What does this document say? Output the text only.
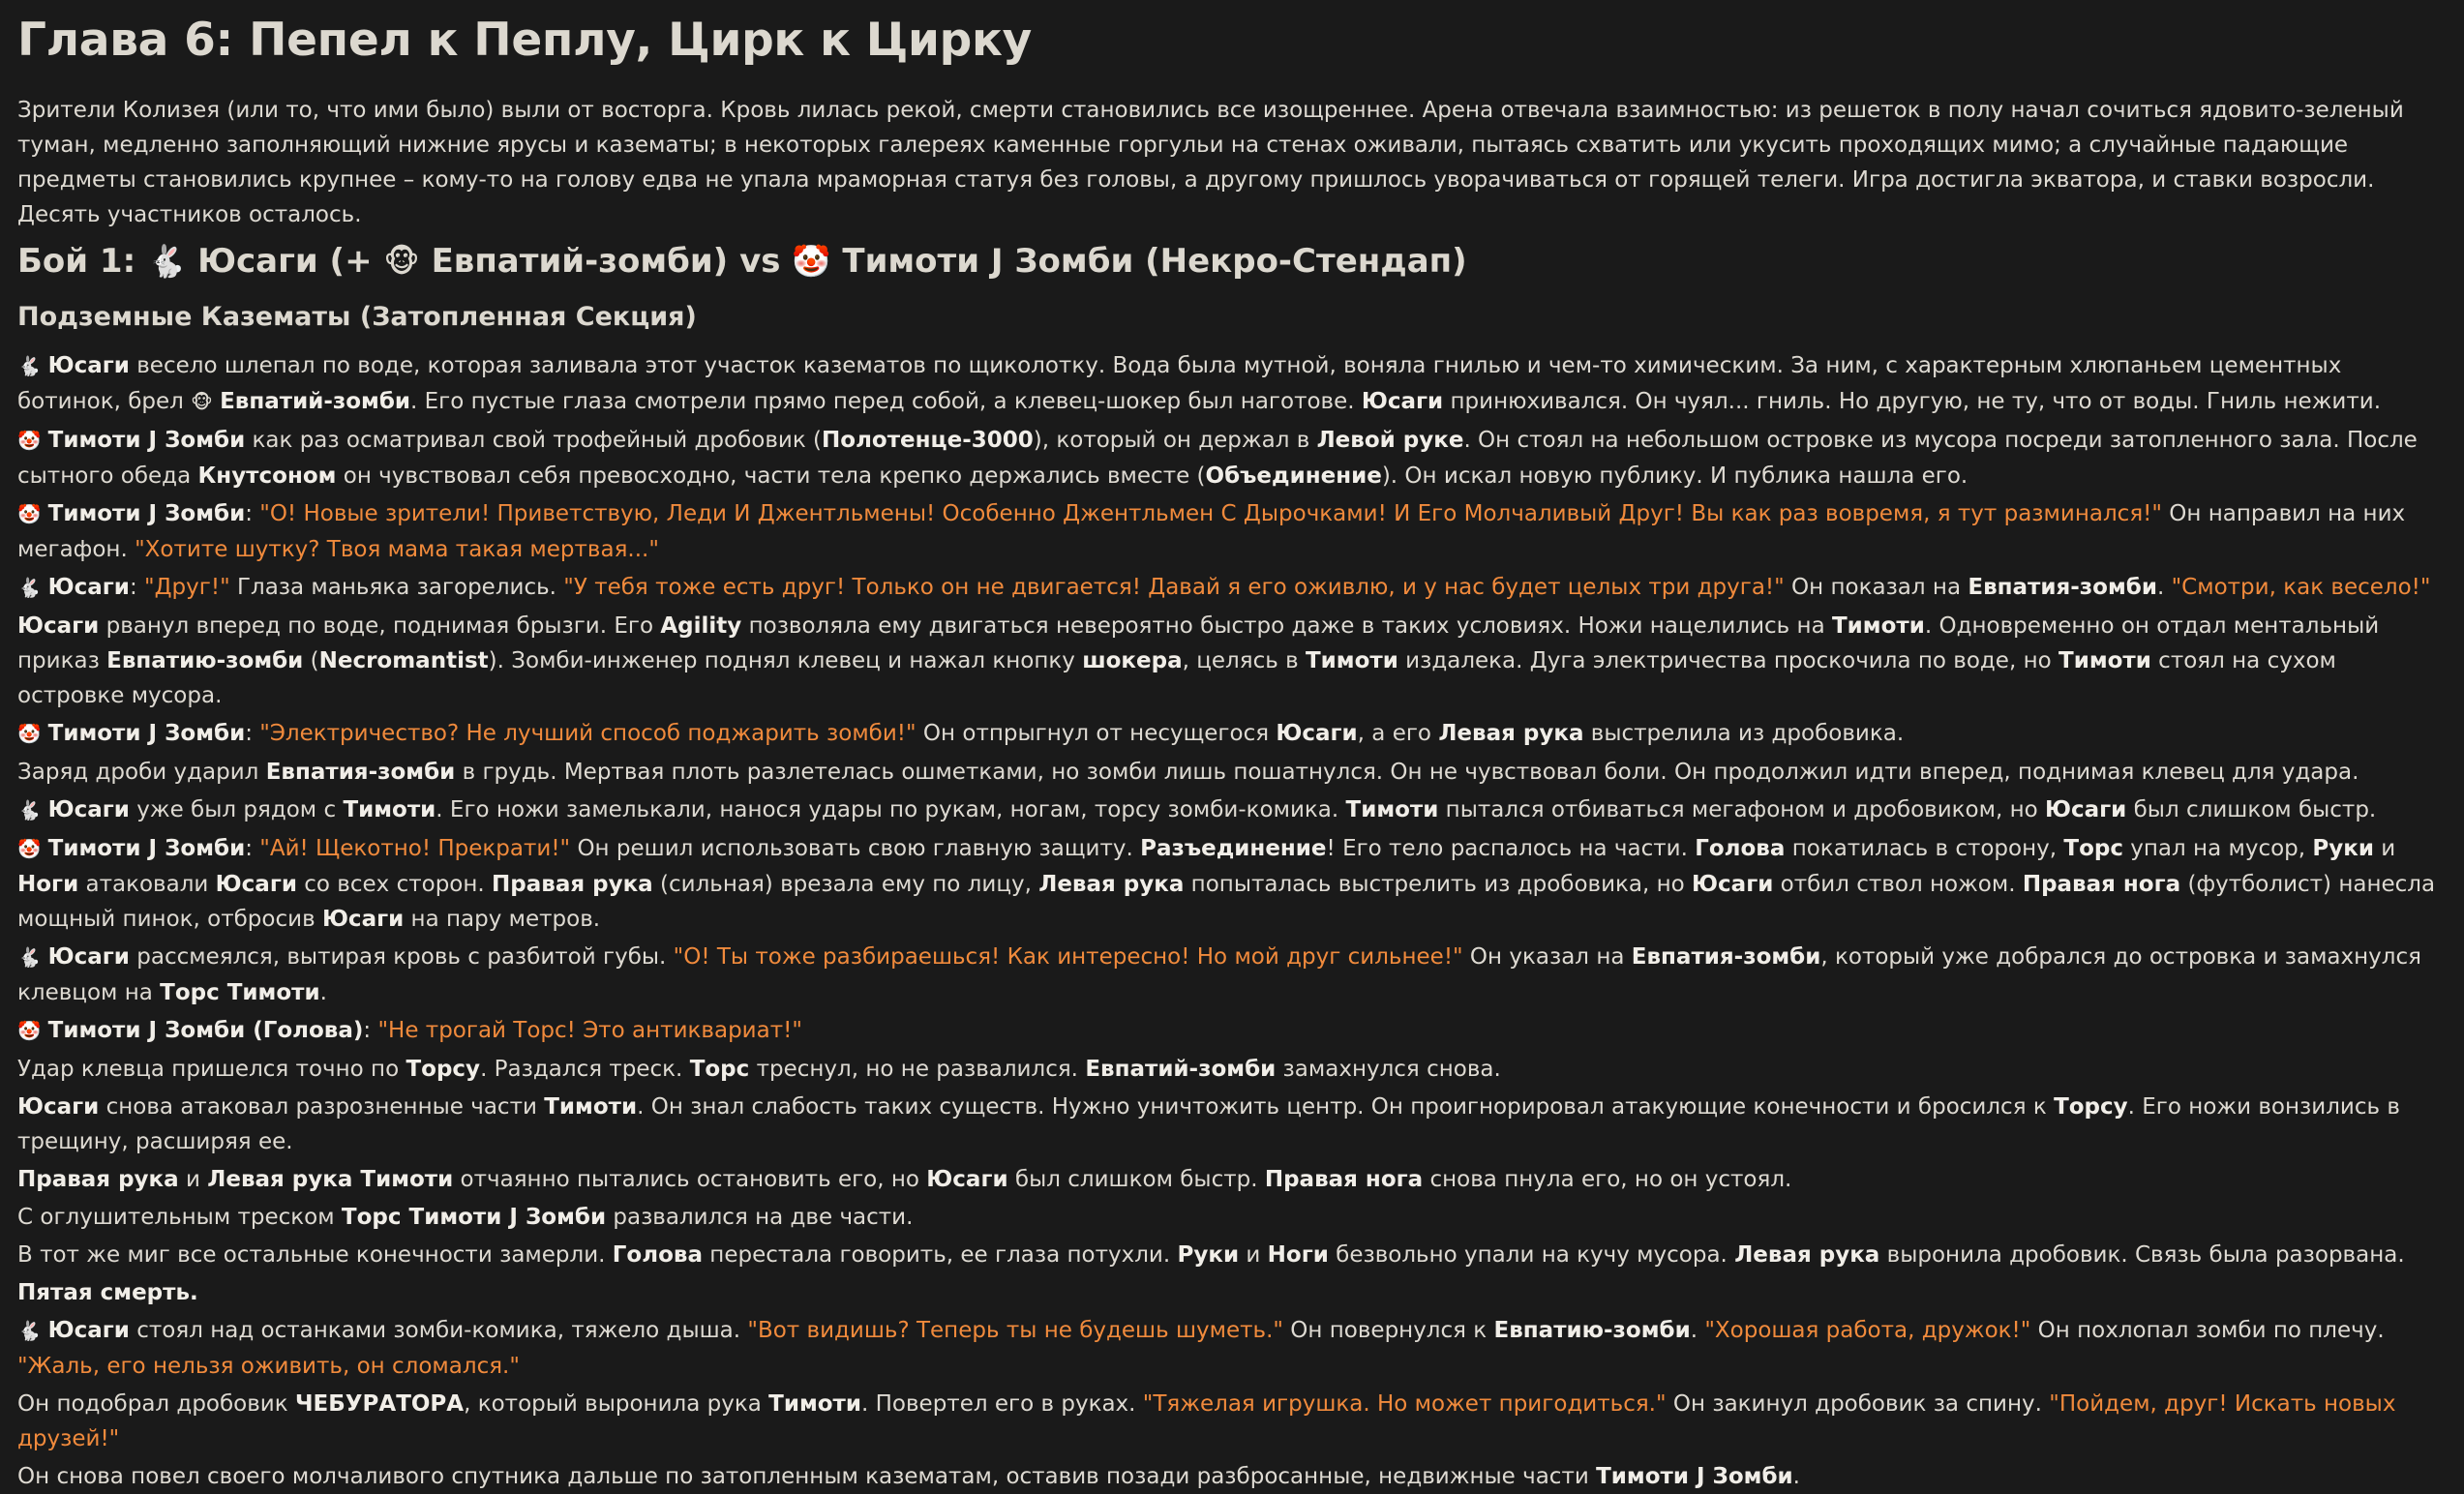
Глава 6: Пепел к Пеплу, Цирк к Цирку

Зрители Колизея (или то, что ими было) выли от восторга. Кровь лилась рекой, смерти становились все изощреннее. Арена отвечала взаимностью: из решеток в полу начал сочиться ядовито-зеленый туман, медленно заполняющий нижние ярусы и казематы; в некоторых галереях каменные горгульи на стенах оживали, пытаясь схватить или укусить проходящих мимо; а случайные падающие предметы становились крупнее – кому-то на голову едва не упала мраморная статуя без головы, а другому пришлось уворачиваться от горящей телеги. Игра достигла экватора, и ставки возросли. Десять участников осталось.

Бой 1: 🐇 Юсаги (+ 🐵 Евпатий-зомби) vs 🤡 Тимоти J Зомби (Некро-Стендап)
Подземные Казематы (Затопленная Секция)

🐇 Юсаги весело шлепал по воде, которая заливала этот участок казематов по щиколотку. Вода была мутной, воняла гнилью и чем-то химическим. За ним, с характерным хлюпаньем цементных ботинок, брел 🐵 Евпатий-зомби. Его пустые глаза смотрели прямо перед собой, а клевец-шокер был наготове. Юсаги принюхивался. Он чуял... гниль. Но другую, не ту, что от воды. Гниль нежити.

🤡 Тимоти J Зомби как раз осматривал свой трофейный дробовик (Полотенце-3000), который он держал в Левой руке. Он стоял на небольшом островке из мусора посреди затопленного зала. После сытного обеда Кнутсоном он чувствовал себя превосходно, части тела крепко держались вместе (Объединение). Он искал новую публику. И публика нашла его.

🤡 Тимоти J Зомби: "О! Новые зрители! Приветствую, Леди И Джентльмены! Особенно Джентльмен С Дырочками! И Его Молчаливый Друг! Вы как раз вовремя, я тут разминался!" Он направил на них мегафон. "Хотите шутку? Твоя мама такая мертвая..."

🐇 Юсаги: "Друг!" Глаза маньяка загорелись. "У тебя тоже есть друг! Только он не двигается! Давай я его оживлю, и у нас будет целых три друга!" Он показал на Евпатия-зомби. "Смотри, как весело!"

Юсаги рванул вперед по воде, поднимая брызги. Его Agility позволяла ему двигаться невероятно быстро даже в таких условиях. Ножи нацелились на Тимоти. Одновременно он отдал ментальный приказ Евпатию-зомби (Necromantist). Зомби-инженер поднял клевец и нажал кнопку шокера, целясь в Тимоти издалека. Дуга электричества проскочила по воде, но Тимоти стоял на сухом островке мусора.

🤡 Тимоти J Зомби: "Электричество? Не лучший способ поджарить зомби!" Он отпрыгнул от несущегося Юсаги, а его Левая рука выстрелила из дробовика.

Заряд дроби ударил Евпатия-зомби в грудь. Мертвая плоть разлетелась ошметками, но зомби лишь пошатнулся. Он не чувствовал боли. Он продолжил идти вперед, поднимая клевец для удара.

🐇 Юсаги уже был рядом с Тимоти. Его ножи замелькали, нанося удары по рукам, ногам, торсу зомби-комика. Тимоти пытался отбиваться мегафоном и дробовиком, но Юсаги был слишком быстр.

🤡 Тимоти J Зомби: "Ай! Щекотно! Прекрати!" Он решил использовать свою главную защиту. Разъединение! Его тело распалось на части. Голова покатилась в сторону, Торс упал на мусор, Руки и Ноги атаковали Юсаги со всех сторон. Правая рука (сильная) врезала ему по лицу, Левая рука попыталась выстрелить из дробовика, но Юсаги отбил ствол ножом. Правая нога (футболист) нанесла мощный пинок, отбросив Юсаги на пару метров.

🐇 Юсаги рассмеялся, вытирая кровь с разбитой губы. "О! Ты тоже разбираешься! Как интересно! Но мой друг сильнее!" Он указал на Евпатия-зомби, который уже добрался до островка и замахнулся клевцом на Торс Тимоти.

🤡 Тимоти J Зомби (Голова): "Не трогай Торс! Это антиквариат!"

Удар клевца пришелся точно по Торсу. Раздался треск. Торс треснул, но не развалился. Евпатий-зомби замахнулся снова.

Юсаги снова атаковал разрозненные части Тимоти. Он знал слабость таких существ. Нужно уничтожить центр. Он проигнорировал атакующие конечности и бросился к Торсу. Его ножи вонзились в трещину, расширяя ее.

Правая рука и Левая рука Тимоти отчаянно пытались остановить его, но Юсаги был слишком быстр. Правая нога снова пнула его, но он устоял.

С оглушительным треском Торс Тимоти J Зомби развалился на две части.

В тот же миг все остальные конечности замерли. Голова перестала говорить, ее глаза потухли. Руки и Ноги безвольно упали на кучу мусора. Левая рука выронила дробовик. Связь была разорвана.

Пятая смерть.

🐇 Юсаги стоял над останками зомби-комика, тяжело дыша. "Вот видишь? Теперь ты не будешь шуметь." Он повернулся к Евпатию-зомби. "Хорошая работа, дружок!" Он похлопал зомби по плечу. "Жаль, его нельзя оживить, он сломался."

Он подобрал дробовик ЧЕБУРАТОРА, который выронила рука Тимоти. Повертел его в руках. "Тяжелая игрушка. Но может пригодиться." Он закинул дробовик за спину. "Пойдем, друг! Искать новых друзей!"

Он снова повел своего молчаливого спутника дальше по затопленным казематам, оставив позади разбросанные, недвижные части Тимоти J Зомби.
